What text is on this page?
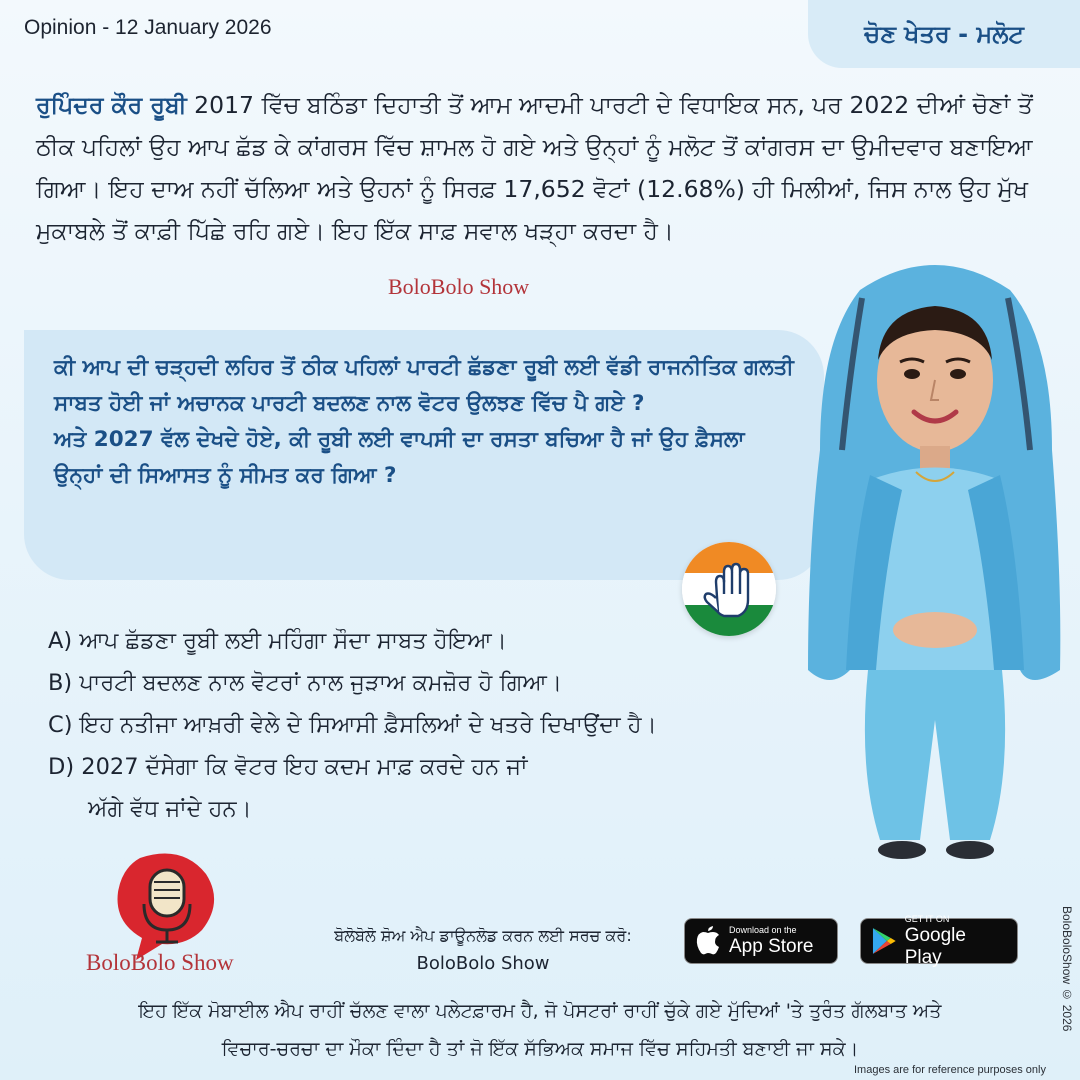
Opinion - 12 January 2026	ਚੋਣ ਖੇਤਰ - ਮਲੋਟ

ਰੁਪਿੰਦਰ ਕੌਰ ਰੂਬੀ 2017 ਵਿੱਚ ਬਠਿੰਡਾ ਦਿਹਾਤੀ ਤੋਂ ਆਮ ਆਦਮੀ ਪਾਰਟੀ ਦੇ ਵਿਧਾਇਕ ਸਨ, ਪਰ 2022 ਦੀਆਂ ਚੋਣਾਂ ਤੋਂ ਠੀਕ ਪਹਿਲਾਂ ਉਹ ਆਪ ਛੱਡ ਕੇ ਕਾਂਗਰਸ ਵਿੱਚ ਸ਼ਾਮਲ ਹੋ ਗਏ ਅਤੇ ਉਨ੍ਹਾਂ ਨੂੰ ਮਲੋਟ ਤੋਂ ਕਾਂਗਰਸ ਦਾ ਉਮੀਦਵਾਰ ਬਣਾਇਆ ਗਿਆ। ਇਹ ਦਾਅ ਨਹੀਂ ਚੱਲਿਆ ਅਤੇ ਉਹਨਾਂ ਨੂੰ ਸਿਰਫ਼ 17,652 ਵੋਟਾਂ (12.68%) ਹੀ ਮਿਲੀਆਂ, ਜਿਸ ਨਾਲ ਉਹ ਮੁੱਖ ਮੁਕਾਬਲੇ ਤੋਂ ਕਾਫ਼ੀ ਪਿੱਛੇ ਰਹਿ ਗਏ। ਇਹ ਇੱਕ ਸਾਫ਼ ਸਵਾਲ ਖੜ੍ਹਾ ਕਰਦਾ ਹੈ।

BoloBolo Show
ਕੀ ਆਪ ਦੀ ਚੜ੍ਹਦੀ ਲਹਿਰ ਤੋਂ ਠੀਕ ਪਹਿਲਾਂ ਪਾਰਟੀ ਛੱਡਣਾ ਰੂਬੀ ਲਈ ਵੱਡੀ ਰਾਜਨੀਤਿਕ ਗਲਤੀ ਸਾਬਤ ਹੋਈ ਜਾਂ ਅਚਾਨਕ ਪਾਰਟੀ ਬਦਲਣ ਨਾਲ ਵੋਟਰ ਉਲਝਣ ਵਿੱਚ ਪੈ ਗਏ ?
ਅਤੇ 2027 ਵੱਲ ਦੇਖਦੇ ਹੋਏ, ਕੀ ਰੂਬੀ ਲਈ ਵਾਪਸੀ ਦਾ ਰਸਤਾ ਬਚਿਆ ਹੈ ਜਾਂ ਉਹ ਫ਼ੈਸਲਾ ਉਨ੍ਹਾਂ ਦੀ ਸਿਆਸਤ ਨੂੰ ਸੀਮਤ ਕਰ ਗਿਆ ?
A) ਆਪ ਛੱਡਣਾ ਰੂਬੀ ਲਈ ਮਹਿੰਗਾ ਸੌਦਾ ਸਾਬਤ ਹੋਇਆ।
B) ਪਾਰਟੀ ਬਦਲਣ ਨਾਲ ਵੋਟਰਾਂ ਨਾਲ ਜੁੜਾਅ ਕਮਜ਼ੋਰ ਹੋ ਗਿਆ।
C) ਇਹ ਨਤੀਜਾ ਆਖ਼ਰੀ ਵੇਲੇ ਦੇ ਸਿਆਸੀ ਫ਼ੈਸਲਿਆਂ ਦੇ ਖਤਰੇ ਦਿਖਾਉਂਦਾ ਹੈ।
D) 2027 ਦੱਸੇਗਾ ਕਿ ਵੋਟਰ ਇਹ ਕਦਮ ਮਾਫ਼ ਕਰਦੇ ਹਨ ਜਾਂ
ਅੱਗੇ ਵੱਧ ਜਾਂਦੇ ਹਨ।
BoloBolo Show
ਬੋਲੋਬੋਲੋ ਸ਼ੋਅ ਐਪ ਡਾਊਨਲੋਡ ਕਰਨ ਲਈ ਸਰਚ ਕਰੋ:
BoloBolo Show
Download on the
App Store
GET IT ON
Google Play
ਇਹ ਇੱਕ ਮੋਬਾਈਲ ਐਪ ਰਾਹੀਂ ਚੱਲਣ ਵਾਲਾ ਪਲੇਟਫ਼ਾਰਮ ਹੈ, ਜੋ ਪੋਸਟਰਾਂ ਰਾਹੀਂ ਚੁੱਕੇ ਗਏ ਮੁੱਦਿਆਂ 'ਤੇ ਤੁਰੰਤ ਗੱਲਬਾਤ ਅਤੇ
ਵਿਚਾਰ-ਚਰਚਾ ਦਾ ਮੌਕਾ ਦਿੰਦਾ ਹੈ ਤਾਂ ਜੋ ਇੱਕ ਸੱਭਿਅਕ ਸਮਾਜ ਵਿੱਚ ਸਹਿਮਤੀ ਬਣਾਈ ਜਾ ਸਕੇ।
BoloBoloShow © 2026
Images are for reference purposes only
